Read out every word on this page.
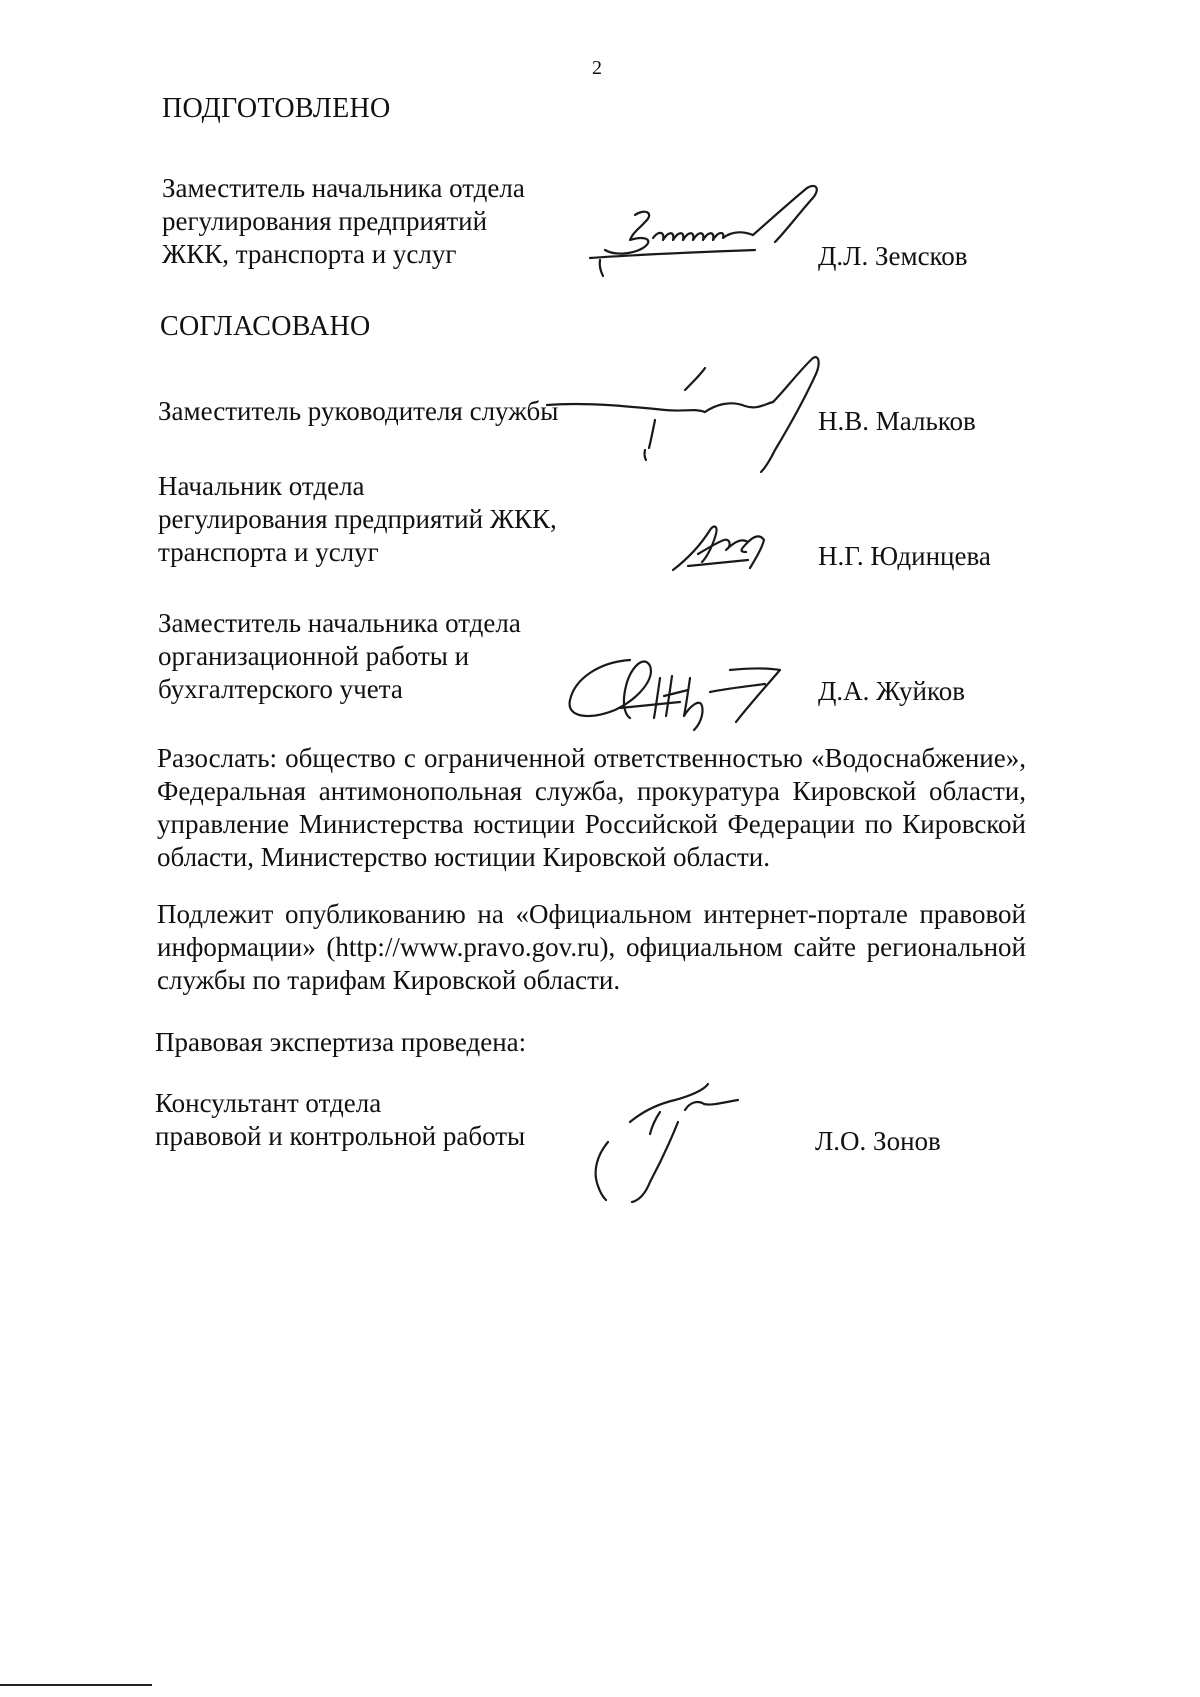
2
ПОДГОТОВЛЕНО
Заместитель начальника отдела
регулирования предприятий
ЖКК, транспорта и услуг	Д.Л. Земсков
СОГЛАСОВАНО
Заместитель руководителя службы	Н.В. Мальков
Начальник отдела
регулирования предприятий ЖКК,
транспорта и услуг	Н.Г. Юдинцева
Заместитель начальника отдела
организационной работы и
бухгалтерского учета	Д.А. Жуйков
Разослать: общество с ограниченной ответственностью «Водоснабжение», Федеральная антимонопольная служба, прокуратура Кировской области, управление Министерства юстиции Российской Федерации по Кировской области, Министерство юстиции Кировской области.
Подлежит опубликованию на «Официальном интернет-портале правовой информации» (http://www.pravo.gov.ru), официальном сайте региональной службы по тарифам Кировской области.
Правовая экспертиза проведена:
Консультант отдела
правовой и контрольной работы	Л.О. Зонов
